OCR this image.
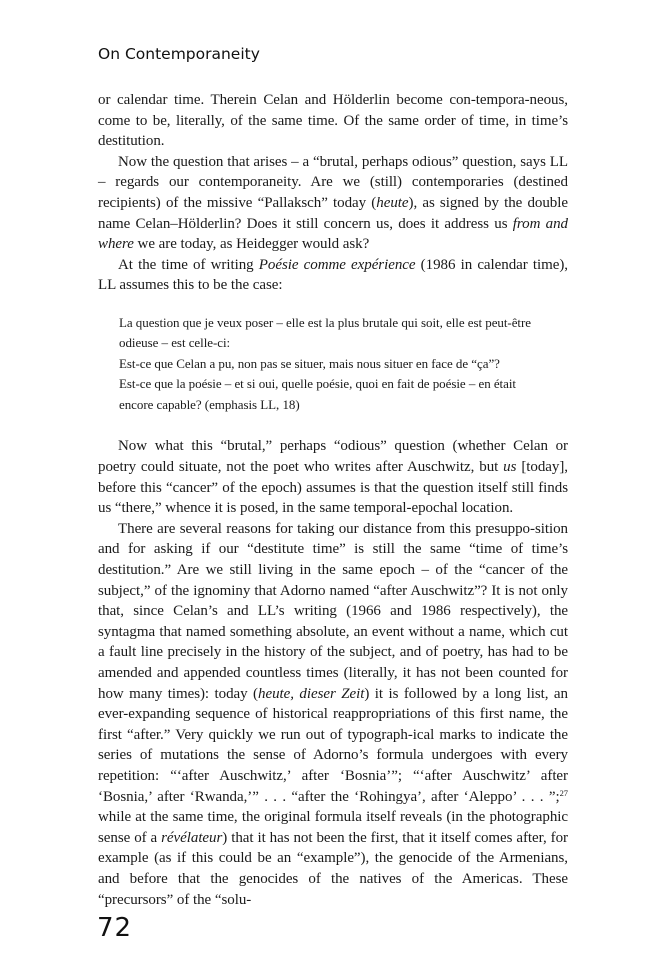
On Contemporaneity

or calendar time. Therein Celan and Hölderlin become con-tempora-neous, come to be, literally, of the same time. Of the same order of time, in time’s destitution.

Now the question that arises – a “brutal, perhaps odious” question, says LL – regards our contemporaneity. Are we (still) contemporaries (destined recipients) of the missive “Pallaksch” today (heute), as signed by the double name Celan–Hölderlin? Does it still concern us, does it address us from and where we are today, as Heidegger would ask?

At the time of writing Poésie comme expérience (1986 in calendar time), LL assumes this to be the case:

La question que je veux poser – elle est la plus brutale qui soit, elle est peut-être odieuse – est celle-ci:
Est-ce que Celan a pu, non pas se situer, mais nous situer en face de “ça”?
Est-ce que la poésie – et si oui, quelle poésie, quoi en fait de poésie – en était encore capable? (emphasis LL, 18)

Now what this “brutal,” perhaps “odious” question (whether Celan or poetry could situate, not the poet who writes after Auschwitz, but us [today], before this “cancer” of the epoch) assumes is that the question itself still finds us “there,” whence it is posed, in the same temporal-epochal location.

There are several reasons for taking our distance from this presuppo-sition and for asking if our “destitute time” is still the same “time of time’s destitution.” Are we still living in the same epoch – of the “cancer of the subject,” of the ignominy that Adorno named “after Auschwitz”? It is not only that, since Celan’s and LL’s writing (1966 and 1986 respectively), the syntagma that named something absolute, an event without a name, which cut a fault line precisely in the history of the subject, and of poetry, has had to be amended and appended countless times (literally, it has not been counted for how many times): today (heute, dieser Zeit) it is followed by a long list, an ever-expanding sequence of historical reappropriations of this first name, the first “after.” Very quickly we run out of typograph-ical marks to indicate the series of mutations the sense of Adorno’s formula undergoes with every repetition: “‘after Auschwitz,’ after ‘Bosnia’”; “‘after Auschwitz’ after ‘Bosnia,’ after ‘Rwanda,’” . . . “after the ‘Rohingya’, after ‘Aleppo’ . . . ”;$^{27}$ while at the same time, the original formula itself reveals (in the photographic sense of a révélateur) that it has not been the first, that it itself comes after, for example (as if this could be an “example”), the genocide of the Armenians, and before that the genocides of the natives of the Americas. These “precursors” of the “solu-

72
